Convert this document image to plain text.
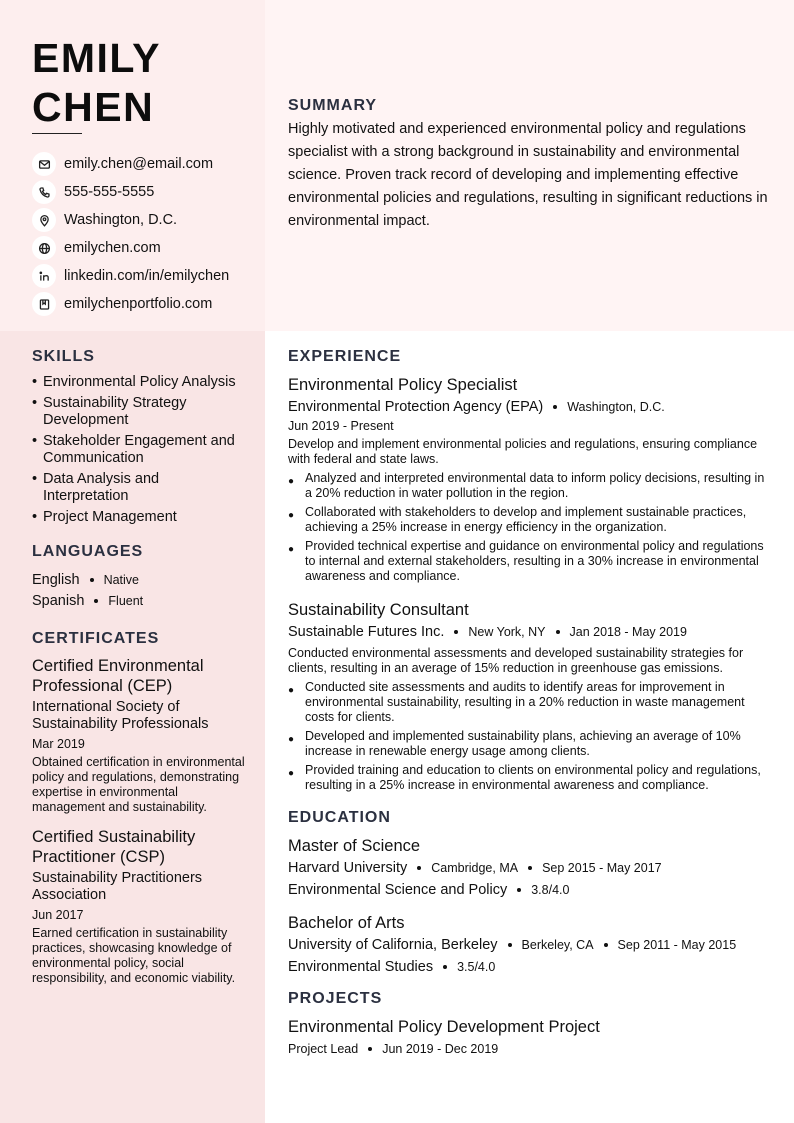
EMILY
CHEN
emily.chen@email.com
555-555-5555
Washington, D.C.
emilychen.com
linkedin.com/in/emilychen
emilychenportfolio.com
SUMMARY

Highly motivated and experienced environmental policy and regulations specialist with a strong background in sustainability and environmental science. Proven track record of developing and implementing effective environmental policies and regulations, resulting in significant reductions in environmental impact.

SKILLS
• Environmental Policy Analysis
• Sustainability Strategy Development
• Stakeholder Engagement and Communication
• Data Analysis and Interpretation
• Project Management
LANGUAGES
English Native
Spanish Fluent
CERTIFICATES
Certified Environmental Professional (CEP)
International Society of Sustainability Professionals
Mar 2019
Obtained certification in environmental policy and regulations, demonstrating expertise in environmental management and sustainability.
Certified Sustainability Practitioner (CSP)
Sustainability Practitioners Association
Jun 2017
Earned certification in sustainability practices, showcasing knowledge of environmental policy, social responsibility, and economic viability.
EXPERIENCE
Environmental Policy Specialist
Environmental Protection Agency (EPA) Washington, D.C.
Jun 2019 - Present
Develop and implement environmental policies and regulations, ensuring compliance with federal and state laws.
● Analyzed and interpreted environmental data to inform policy decisions, resulting in a 20% reduction in water pollution in the region.
● Collaborated with stakeholders to develop and implement sustainable practices, achieving a 25% increase in energy efficiency in the organization.
● Provided technical expertise and guidance on environmental policy and regulations to internal and external stakeholders, resulting in a 30% increase in environmental awareness and compliance.
Sustainability Consultant
Sustainable Futures Inc. New York, NY Jan 2018 - May 2019
Conducted environmental assessments and developed sustainability strategies for clients, resulting in an average of 15% reduction in greenhouse gas emissions.
● Conducted site assessments and audits to identify areas for improvement in environmental sustainability, resulting in a 20% reduction in waste management costs for clients.
● Developed and implemented sustainability plans, achieving an average of 10% increase in renewable energy usage among clients.
● Provided training and education to clients on environmental policy and regulations, resulting in a 25% increase in environmental awareness and compliance.
EDUCATION
Master of Science
Harvard University Cambridge, MA Sep 2015 - May 2017
Environmental Science and Policy 3.8/4.0
Bachelor of Arts
University of California, Berkeley Berkeley, CA Sep 2011 - May 2015
Environmental Studies 3.5/4.0
PROJECTS
Environmental Policy Development Project
Project Lead Jun 2019 - Dec 2019
